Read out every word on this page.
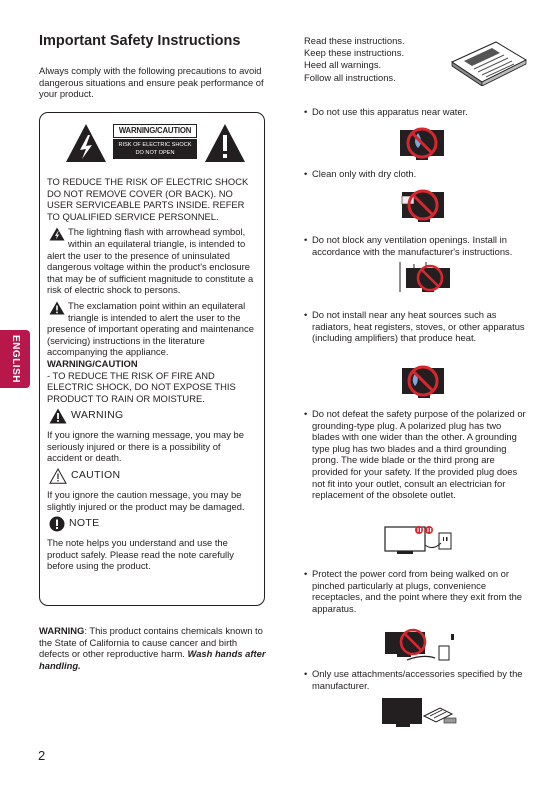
ENGLISH
Important Safety Instructions

Always comply with the following precautions to avoid dangerous situations and ensure peak performance of your product.

WARNING/CAUTION
RISK OF ELECTRIC SHOCK
DO NOT OPEN

TO REDUCE THE RISK OF ELECTRIC SHOCK DO NOT REMOVE COVER (OR BACK). NO USER SERVICEABLE PARTS INSIDE. REFER TO QUALIFIED SERVICE PERSONNEL.

The lightning flash with arrowhead symbol, within an equilateral triangle, is intended to alert the user to the presence of uninsulated dangerous voltage within the product's enclosure that may be of sufficient magnitude to constitute a risk of electric shock to persons.

The exclamation point within an equilateral triangle is intended to alert the user to the presence of important operating and maintenance (servicing) instructions in the literature accompanying the appliance.

WARNING/CAUTION

- TO REDUCE THE RISK OF FIRE AND ELECTRIC SHOCK, DO NOT EXPOSE THIS PRODUCT TO RAIN OR MOISTURE.

WARNING

If you ignore the warning message, you may be seriously injured or there is a possibility of accident or death.

CAUTION

If you ignore the caution message, you may be slightly injured or the product may be damaged.

NOTE

The note helps you understand and use the product safely. Please read the note carefully before using the product.

WARNING: This product contains chemicals known to the State of California to cause cancer and birth defects or other reproductive harm. Wash hands after handling.

2
Read these instructions.
Keep these instructions.
Heed all warnings.
Follow all instructions.

• Do not use this apparatus near water.

• Clean only with dry cloth.

• Do not block any ventilation openings. Install in accordance with the manufacturer's instructions.

• Do not install near any heat sources such as radiators, heat registers, stoves, or other apparatus (including amplifiers) that produce heat.

• Do not defeat the safety purpose of the polarized or grounding-type plug. A polarized plug has two blades with one wider than the other. A grounding type plug has two blades and a third grounding prong. The wide blade or the third prong are provided for your safety. If the provided plug does not fit into your outlet, consult an electrician for replacement of the obsolete outlet.

• Protect the power cord from being walked on or pinched particularly at plugs, convenience receptacles, and the point where they exit from the apparatus.

• Only use attachments/accessories specified by the manufacturer.
